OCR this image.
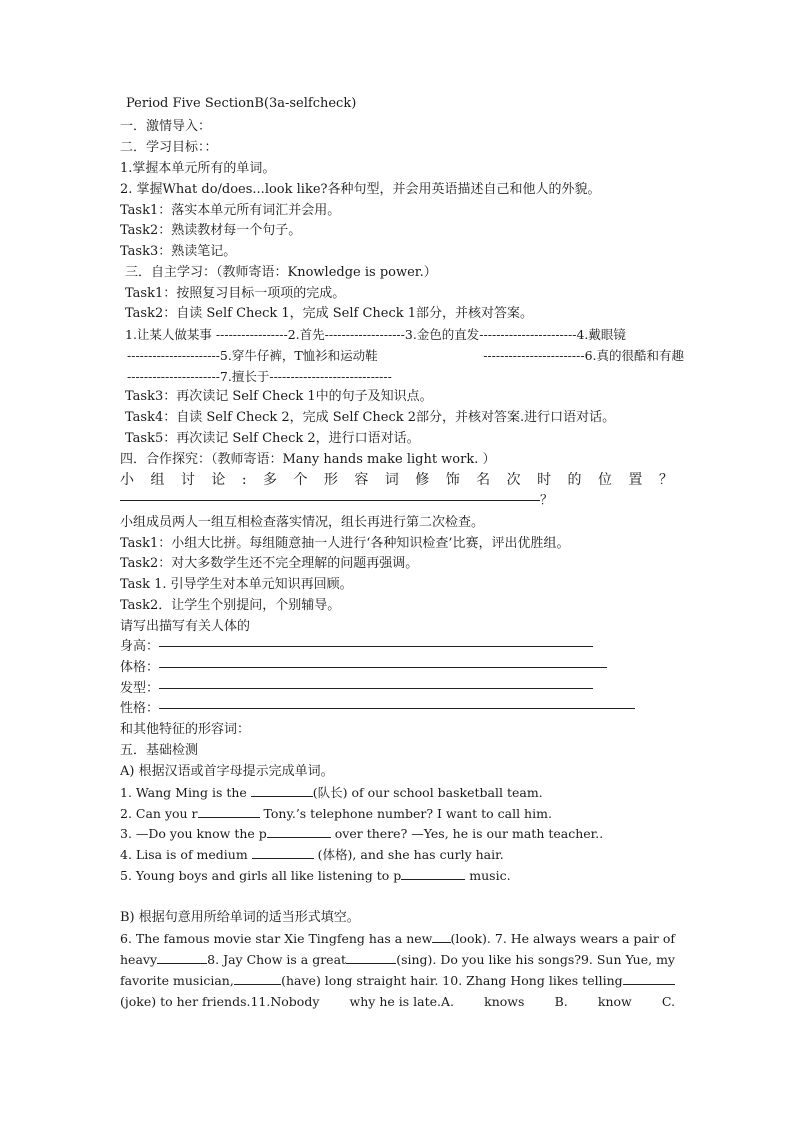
Period Five SectionB(3a-selfcheck)
一．激情导入：
二．学习目标：：
1.掌握本单元所有的单词。
2. 掌握What do/does...look like?各种句型，并会用英语描述自己和他人的外貌。
Task1：落实本单元所有词汇并会用。
Task2：熟读教材每一个句子。
Task3：熟读笔记。
三．自主学习：（教师寄语：Knowledge is power.）
Task1：按照复习目标一项项的完成。
Task2：自读 Self Check 1，完成 Self Check 1部分，并核对答案。
1.让某人做某事 -----------------2.首先-------------------3.金色的直发-----------------------4.戴眼镜
----------------------5.穿牛仔裤，T恤衫和运动鞋	------------------------6.真的很酷和有趣
----------------------7.擅长于-----------------------------
Task3：再次读记 Self Check 1中的句子及知识点。
Task4：自读 Self Check 2，完成 Self Check 2部分，并核对答案.进行口语对话。
Task5：再次读记 Self Check 2，进行口语对话。
四．合作探究：（教师寄语：Many hands make light work. ）
小 组 讨 论 : 多 个 形 容 词 修 饰 名 次 时 的 位 置 ？
？
小组成员两人一组互相检查落实情况，组长再进行第二次检查。
Task1：小组大比拼。每组随意抽一人进行‘各种知识检查’比赛，评出优胜组。
Task2：对大多数学生还不完全理解的问题再强调。
Task 1. 引导学生对本单元知识再回顾。
Task2．让学生个别提问，个别辅导。
请写出描写有关人体的
身高：
体格：
发型：
性格：
和其他特征的形容词：
五．基础检测
A) 根据汉语或首字母提示完成单词。
1. Wang Ming is the	(队长) of our school basketball team.
2. Can you r	Tony.’s telephone number? I want to call him.
3. —Do you know the p	over there? —Yes, he is our math teacher..
4. Lisa is of medium	(体格), and she has curly hair.
5. Young boys and girls all like listening to p	music.
B) 根据句意用所给单词的适当形式填空。
6. The famous movie star Xie Tingfeng has a new (look). 7. He always wears a pair of
heavy	8. Jay Chow is a great	(sing). Do you like his songs?9. Sun Yue, my
favorite musician,	(have) long straight hair. 10. Zhang Hong likes telling
(joke) to her friends.11.Nobody why he is late.A. knows B. know C.
